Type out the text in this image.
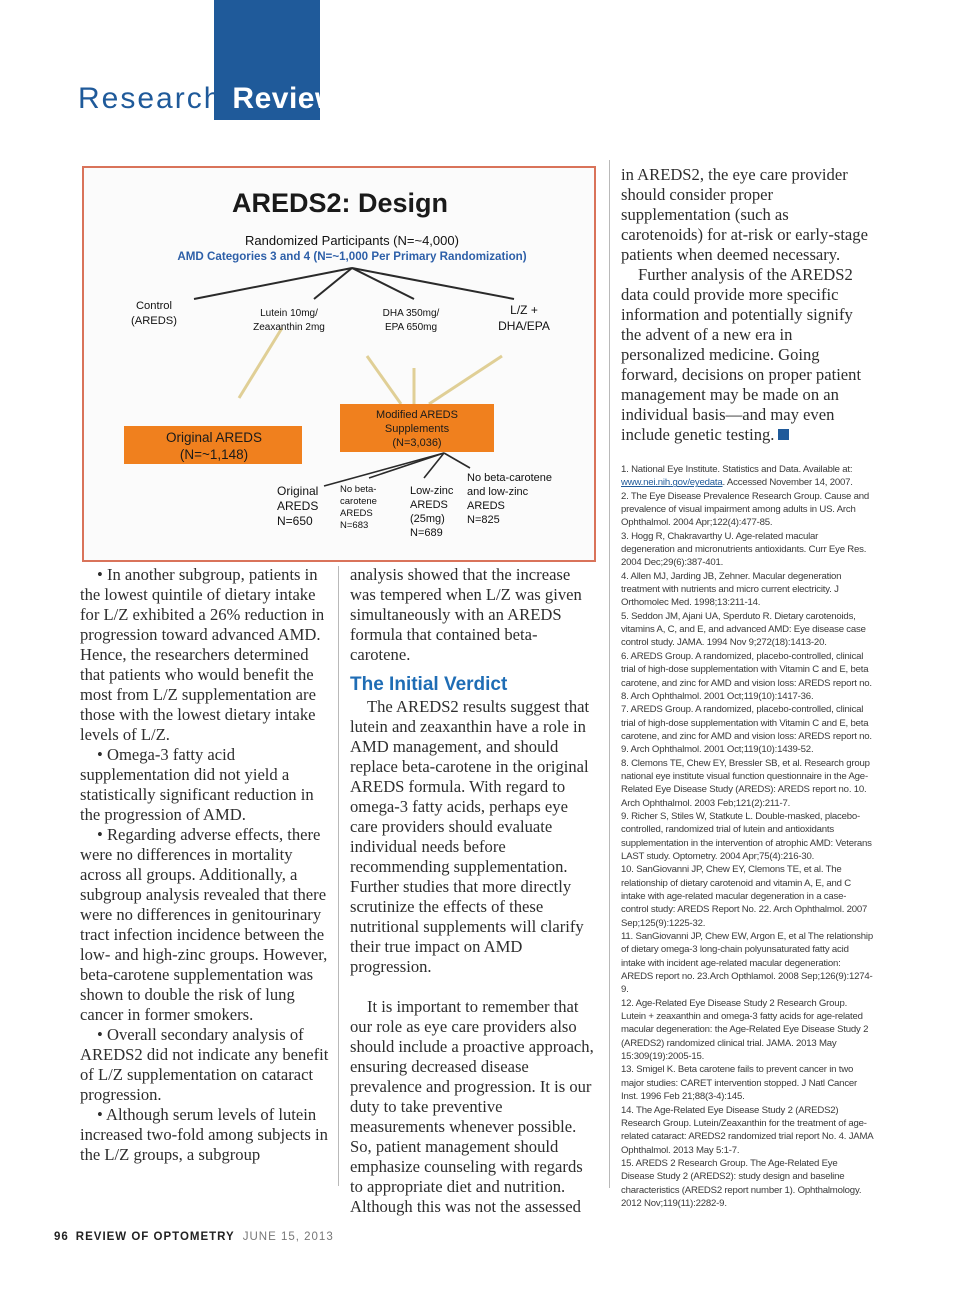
Research Review
AREDS2: Design
Randomized Participants (N=~4,000)
AMD Categories 3 and 4 (N=~1,000 Per Primary Randomization)
Control
(AREDS)
Lutein 10mg/
Zeaxanthin 2mg
DHA 350mg/
EPA 650mg
L/Z +
DHA/EPA
Original AREDS
(N=~1,148)
Modified AREDS
Supplements
(N=3,036)
Original
AREDS
N=650
No beta-
carotene
AREDS
N=683
Low-zinc
AREDS
(25mg)
N=689
No beta-carotene
and low-zinc
AREDS
N=825

• In another subgroup, patients in the lowest quintile of dietary intake for L/Z exhibited a 26% reduction in progression toward advanced AMD. Hence, the researchers determined that patients who would benefit the most from L/Z supplementation are those with the lowest dietary intake levels of L/Z.

• Omega-3 fatty acid supplementation did not yield a statistically significant reduction in the progression of AMD.

• Regarding adverse effects, there were no differences in mortality across all groups. Additionally, a subgroup analysis revealed that there were no differences in genitourinary tract infection incidence between the low- and high-zinc groups. However, beta-carotene supplementation was shown to double the risk of lung cancer in former smokers.

• Overall secondary analysis of AREDS2 did not indicate any benefit of L/Z supplementation on cataract progression.

• Although serum levels of lutein increased two-fold among subjects in the L/Z groups, a subgroup

analysis showed that the increase was tempered when L/Z was given simultaneously with an AREDS formula that contained beta-carotene.

The Initial Verdict

The AREDS2 results suggest that lutein and zeaxanthin have a role in AMD management, and should replace beta-carotene in the original AREDS formula. With regard to omega-3 fatty acids, perhaps eye care providers should evaluate individual needs before recommending supplementation. Further studies that more directly scrutinize the effects of these nutritional supplements will clarify their true impact on AMD progression.

It is important to remember that our role as eye care providers also should include a proactive approach, ensuring decreased disease prevalence and progression. It is our duty to take preventive measurements whenever possible. So, patient management should emphasize counseling with regards to appropriate diet and nutrition. Although this was not the assessed

in AREDS2, the eye care provider should consider proper supplementation (such as carotenoids) for at-risk or early-stage patients when deemed necessary.

Further analysis of the AREDS2 data could provide more specific information and potentially signify the advent of a new era in personalized medicine. Going forward, decisions on proper patient management may be made on an individual basis—and may even include genetic testing.

1. National Eye Institute. Statistics and Data. Available at: www.nei.nih.gov/eyedata. Accessed November 14, 2007.

2. The Eye Disease Prevalence Research Group. Cause and prevalence of visual impairment among adults in US. Arch Ophthalmol. 2004 Apr;122(4):477-85.

3. Hogg R, Chakravarthy U. Age-related macular degeneration and micronutrients antioxidants. Curr Eye Res. 2004 Dec;29(6):387-401.

4. Allen MJ, Jarding JB, Zehner. Macular degeneration treatment with nutrients and micro current electricity. J Orthomolec Med. 1998;13:211-14.

5. Seddon JM, Ajani UA, Sperduto R. Dietary carotenoids, vitamins A, C, and E, and advanced AMD: Eye disease case control study. JAMA. 1994 Nov 9;272(18):1413-20.

6. AREDS Group. A randomized, placebo-controlled, clinical trial of high-dose supplementation with Vitamin C and E, beta carotene, and zinc for AMD and vision loss: AREDS report no. 8. Arch Ophthalmol. 2001 Oct;119(10):1417-36.

7. AREDS Group. A randomized, placebo-controlled, clinical trial of high-dose supplementation with Vitamin C and E, beta carotene, and zinc for AMD and vision loss: AREDS report no. 9. Arch Ophthalmol. 2001 Oct;119(10):1439-52.

8. Clemons TE, Chew EY, Bressler SB, et al. Research group national eye institute visual function questionnaire in the Age-Related Eye Disease Study (AREDS): AREDS report no. 10. Arch Ophthalmol. 2003 Feb;121(2):211-7.

9. Richer S, Stiles W, Statkute L. Double-masked, placebo-controlled, randomized trial of lutein and antioxidants supplementation in the intervention of atrophic AMD: Veterans LAST study. Optometry. 2004 Apr;75(4):216-30.

10. SanGiovanni JP, Chew EY, Clemons TE, et al. The relationship of dietary carotenoid and vitamin A, E, and C intake with age-related macular degeneration in a case-control study: AREDS Report No. 22. Arch Ophthalmol. 2007 Sep;125(9):1225-32.

11. SanGiovanni JP, Chew EW, Argon E, et al The relationship of dietary omega-3 long-chain polyunsaturated fatty acid intake with incident age-related macular degeneration: AREDS report no. 23.Arch Opthlamol. 2008 Sep;126(9):1274-9.

12. Age-Related Eye Disease Study 2 Research Group. Lutein + zeaxanthin and omega-3 fatty acids for age-related macular degeneration: the Age-Related Eye Disease Study 2 (AREDS2) randomized clinical trial. JAMA. 2013 May 15:309(19):2005-15.

13. Smigel K. Beta carotene fails to prevent cancer in two major studies: CARET intervention stopped. J Natl Cancer Inst. 1996 Feb 21;88(3-4):145.

14. The Age-Related Eye Disease Study 2 (AREDS2) Research Group. Lutein/Zeaxanthin for the treatment of age-related cataract: AREDS2 randomized trial report No. 4. JAMA Ophthalmol. 2013 May 5:1-7.

15. AREDS 2 Research Group. The Age-Related Eye Disease Study 2 (AREDS2): study design and baseline characteristics (AREDS2 report number 1). Ophthalmology. 2012 Nov;119(11):2282-9.

96 REVIEW OF OPTOMETRY JUNE 15, 2013
